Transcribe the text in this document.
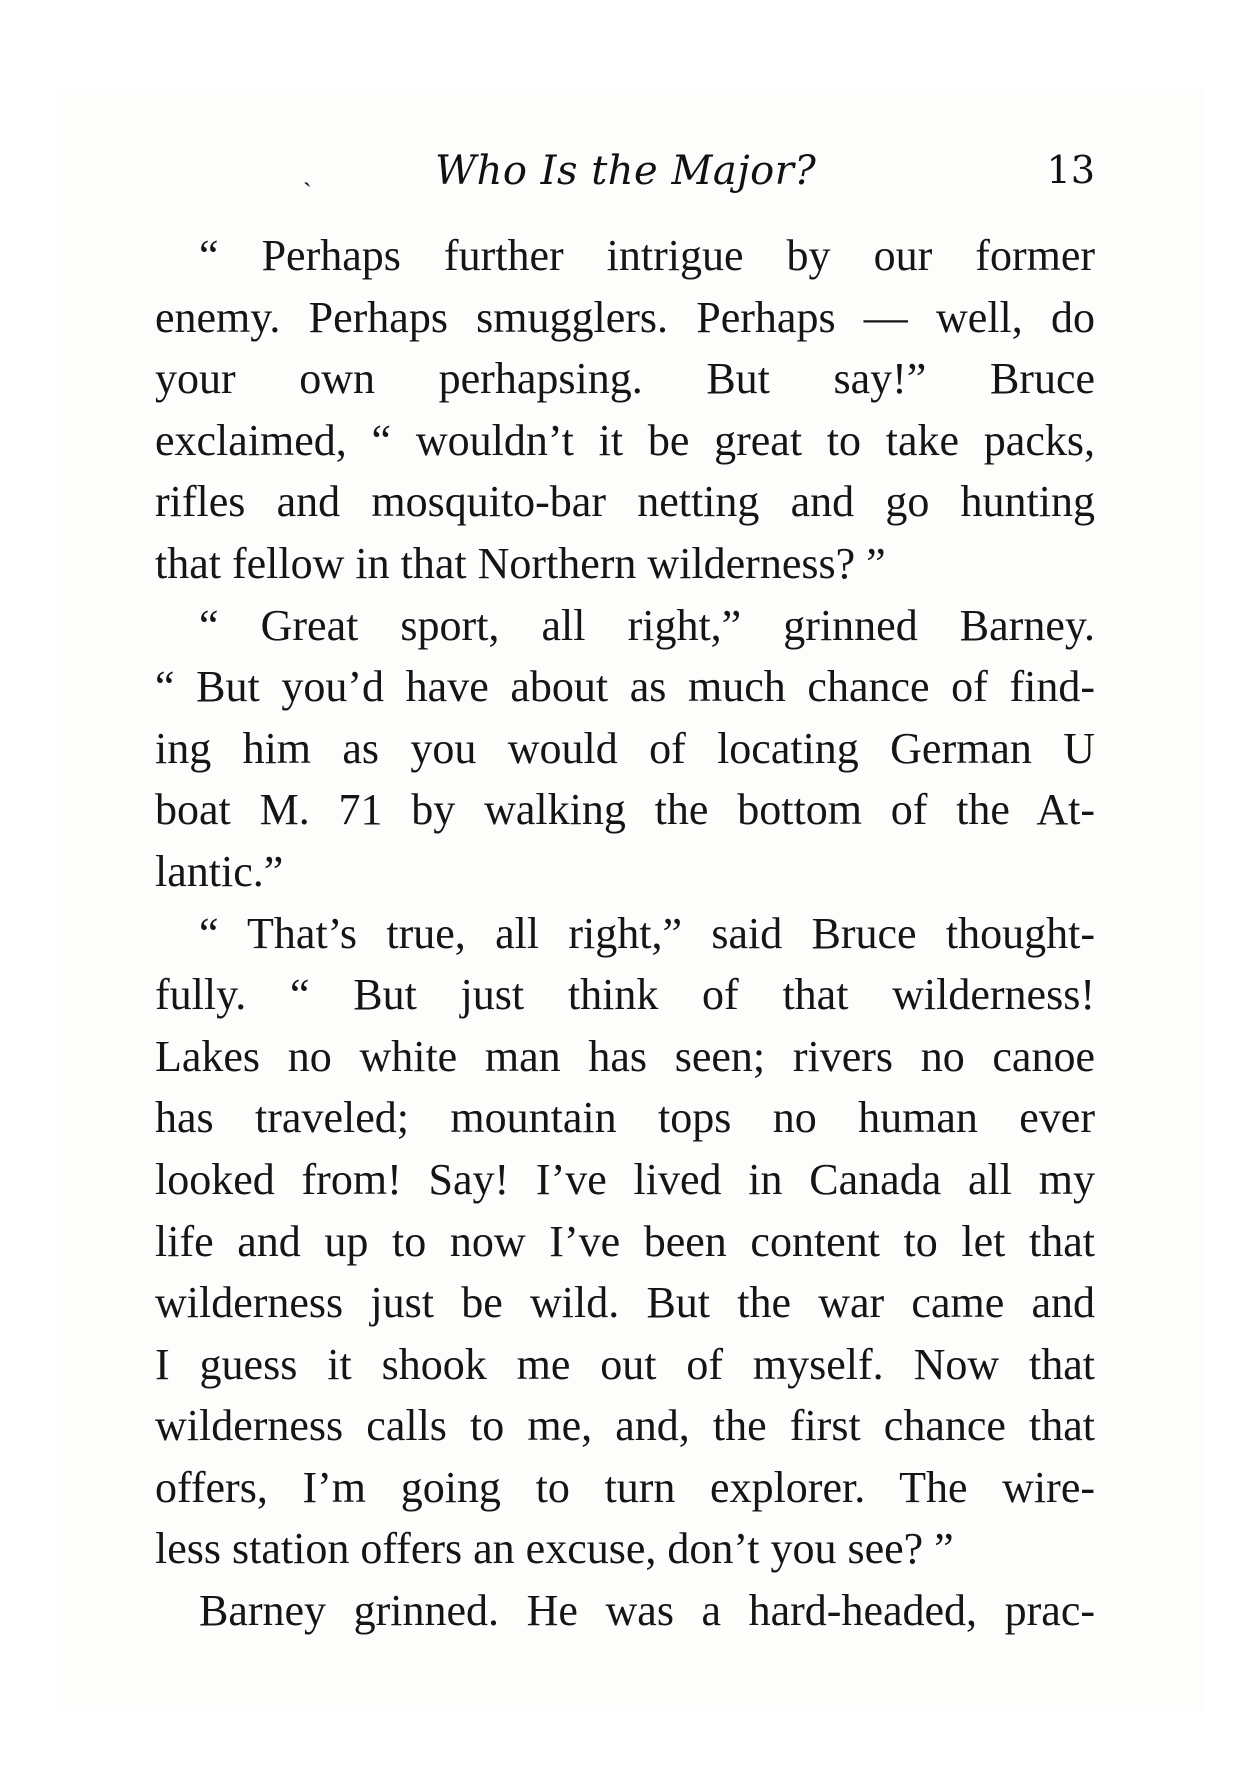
ˎ	Who Is the Major?	13
“ Perhaps further intrigue by our former
enemy. Perhaps smugglers. Perhaps — well, do
your own perhapsing. But say!” Bruce
exclaimed, “ wouldn’t it be great to take packs,
rifles and mosquito-bar netting and go hunting
that fellow in that Northern wilderness? ”
“ Great sport, all right,” grinned Barney.
“ But you’d have about as much chance of find-
ing him as you would of locating German U
boat M. 71 by walking the bottom of the At-
lantic.”
“ That’s true, all right,” said Bruce thought-
fully. “ But just think of that wilderness!
Lakes no white man has seen; rivers no canoe
has traveled; mountain tops no human ever
looked from! Say! I’ve lived in Canada all my
life and up to now I’ve been content to let that
wilderness just be wild. But the war came and
I guess it shook me out of myself. Now that
wilderness calls to me, and, the first chance that
offers, I’m going to turn explorer. The wire-
less station offers an excuse, don’t you see? ”
Barney grinned. He was a hard-headed, prac-
